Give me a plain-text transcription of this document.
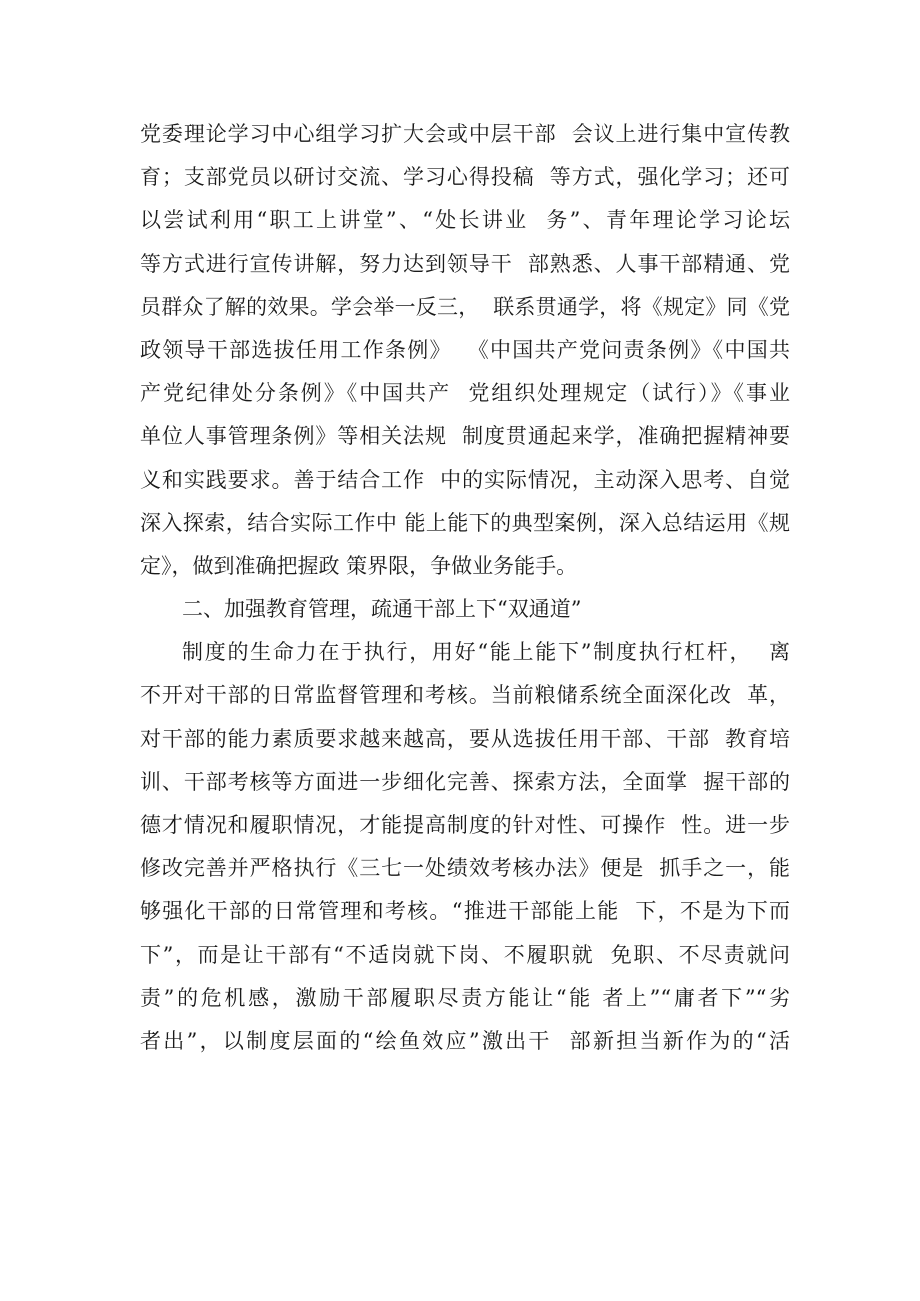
党委理论学习中心组学习扩大会或中层干部  会议上进行集中宣传教
育；支部党员以研讨交流、学习心得投稿  等方式，强化学习；还可
以尝试利用“职工上讲堂”、“处长讲业  务”、青年理论学习论坛
等方式进行宣传讲解，努力达到领导干  部熟悉、人事干部精通、党
员群众了解的效果。学会举一反三，  联系贯通学，将《规定》同《党
政领导干部选拔任用工作条例》  《中国共产党问责条例》《中国共
产党纪律处分条例》《中国共产  党组织处理规定（试行）》《事业
单位人事管理条例》等相关法规  制度贯通起来学，准确把握精神要
义和实践要求。善于结合工作  中的实际情况，主动深入思考、自觉
深入探索，结合实际工作中 能上能下的典型案例，深入总结运用《规
定》，做到准确把握政 策界限，争做业务能手。
二、加强教育管理，疏通干部上下“双通道”
制度的生命力在于执行，用好“能上能下”制度执行杠杆，  离
不开对干部的日常监督管理和考核。当前粮储系统全面深化改  革，
对干部的能力素质要求越来越高，要从选拔任用干部、干部  教育培
训、干部考核等方面进一步细化完善、探索方法，全面掌  握干部的
德才情况和履职情况，才能提高制度的针对性、可操作  性。进一步
修改完善并严格执行《三七一处绩效考核办法》便是  抓手之一，能
够强化干部的日常管理和考核。“推进干部能上能  下，不是为下而
下”，而是让干部有“不适岗就下岗、不履职就  免职、不尽责就问
责”的危机感，激励干部履职尽责方能让“能 者上”“庸者下”“劣
者出”，以制度层面的“绘鱼效应”激出干  部新担当新作为的“活
